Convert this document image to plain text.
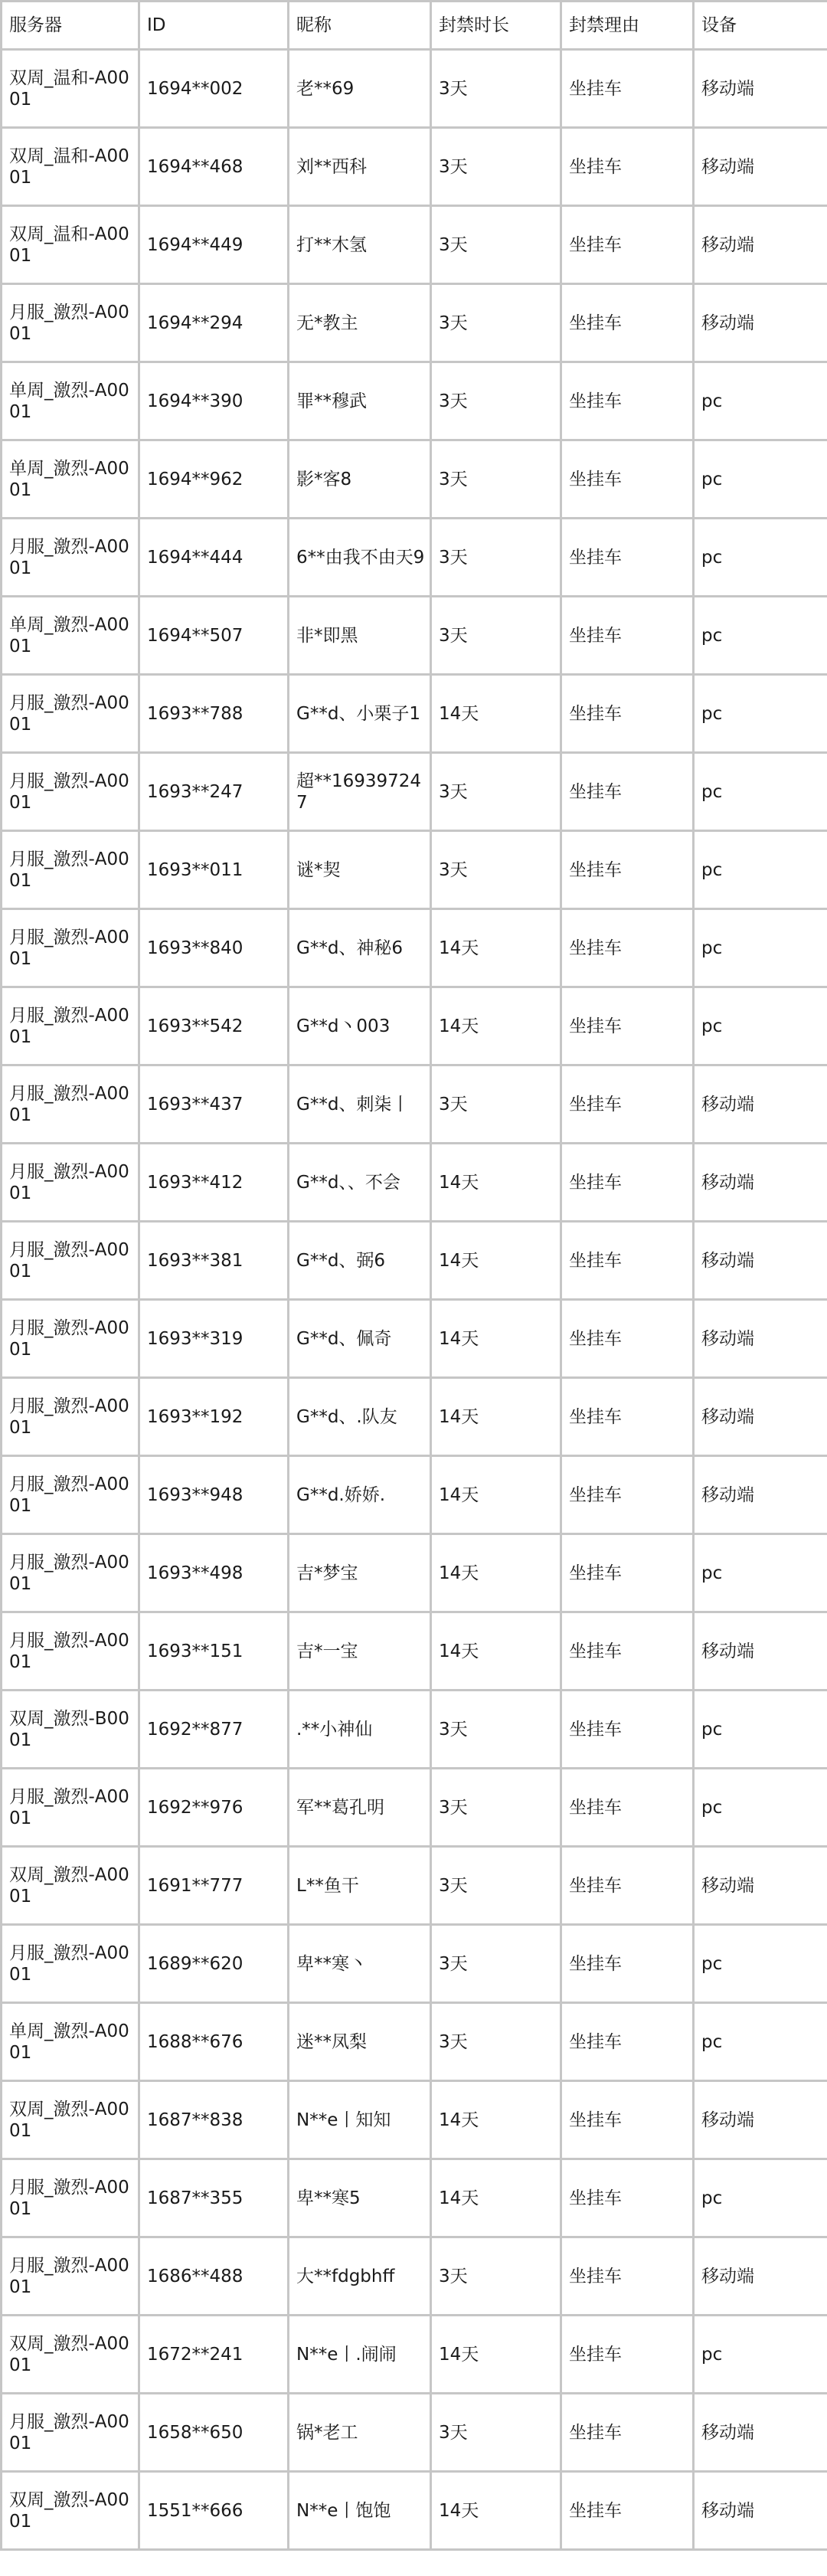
服务器	ID	昵称	封禁时长	封禁理由	设备
双周_温和-A0001	1694**002	老**69	3天	坐挂车	移动端
双周_温和-A0001	1694**468	刘**西科	3天	坐挂车	移动端
双周_温和-A0001	1694**449	打**木氢	3天	坐挂车	移动端
月服_激烈-A0001	1694**294	无*教主	3天	坐挂车	移动端
单周_激烈-A0001	1694**390	罪**穆武	3天	坐挂车	pc
单周_激烈-A0001	1694**962	影*客8	3天	坐挂车	pc
月服_激烈-A0001	1694**444	6**由我不由天9	3天	坐挂车	pc
单周_激烈-A0001	1694**507	非*即黑	3天	坐挂车	pc
月服_激烈-A0001	1693**788	G**d、小栗子1	14天	坐挂车	pc
月服_激烈-A0001	1693**247	超**169397247	3天	坐挂车	pc
月服_激烈-A0001	1693**011	谜*契	3天	坐挂车	pc
月服_激烈-A0001	1693**840	G**d、神秘6	14天	坐挂车	pc
月服_激烈-A0001	1693**542	G**d丶003	14天	坐挂车	pc
月服_激烈-A0001	1693**437	G**d、刺柒丨	3天	坐挂车	移动端
月服_激烈-A0001	1693**412	G**d、、不会	14天	坐挂车	移动端
月服_激烈-A0001	1693**381	G**d、弼6	14天	坐挂车	移动端
月服_激烈-A0001	1693**319	G**d、佩奇	14天	坐挂车	移动端
月服_激烈-A0001	1693**192	G**d、.队友	14天	坐挂车	移动端
月服_激烈-A0001	1693**948	G**d.娇娇.	14天	坐挂车	移动端
月服_激烈-A0001	1693**498	吉*梦宝	14天	坐挂车	pc
月服_激烈-A0001	1693**151	吉*一宝	14天	坐挂车	移动端
双周_激烈-B0001	1692**877	.**小神仙	3天	坐挂车	pc
月服_激烈-A0001	1692**976	军**葛孔明	3天	坐挂车	pc
双周_激烈-A0001	1691**777	L**鱼干	3天	坐挂车	移动端
月服_激烈-A0001	1689**620	卑**寒丶	3天	坐挂车	pc
单周_激烈-A0001	1688**676	迷**凤梨	3天	坐挂车	pc
双周_激烈-A0001	1687**838	N**e丨知知	14天	坐挂车	移动端
月服_激烈-A0001	1687**355	卑**寒5	14天	坐挂车	pc
月服_激烈-A0001	1686**488	大**fdgbhff	3天	坐挂车	移动端
双周_激烈-A0001	1672**241	N**e丨.闹闹	14天	坐挂车	pc
月服_激烈-A0001	1658**650	锅*老工	3天	坐挂车	移动端
双周_激烈-A0001	1551**666	N**e丨饱饱	14天	坐挂车	移动端
